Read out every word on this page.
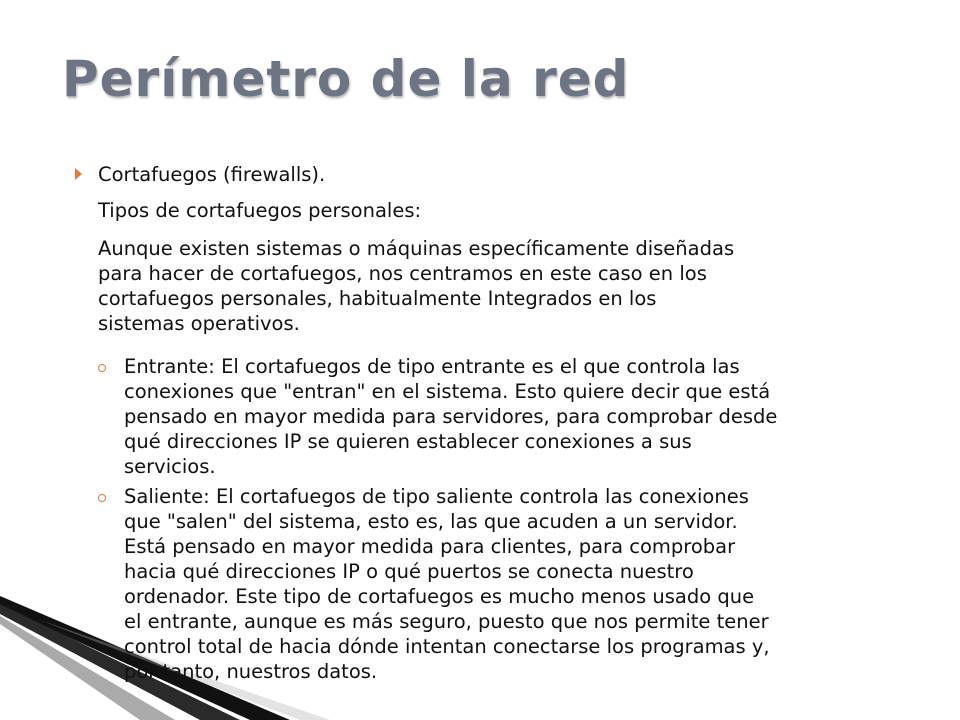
Perímetro de la red
Cortafuegos (firewalls).
Tipos de cortafuegos personales:
Aunque existen sistemas o máquinas específicamente diseñadas
para hacer de cortafuegos, nos centramos en este caso en los
cortafuegos personales, habitualmente Integrados en los
sistemas operativos.
Entrante: El cortafuegos de tipo entrante es el que controla las
conexiones que "entran" en el sistema. Esto quiere decir que está
pensado en mayor medida para servidores, para comprobar desde
qué direcciones IP se quieren establecer conexiones a sus
servicios.
Saliente: El cortafuegos de tipo saliente controla las conexiones
que "salen" del sistema, esto es, las que acuden a un servidor.
Está pensado en mayor medida para clientes, para comprobar
hacia qué direcciones IP o qué puertos se conecta nuestro
ordenador. Este tipo de cortafuegos es mucho menos usado que
el entrante, aunque es más seguro, puesto que nos permite tener
control total de hacia dónde intentan conectarse los programas y,
por tanto, nuestros datos.
